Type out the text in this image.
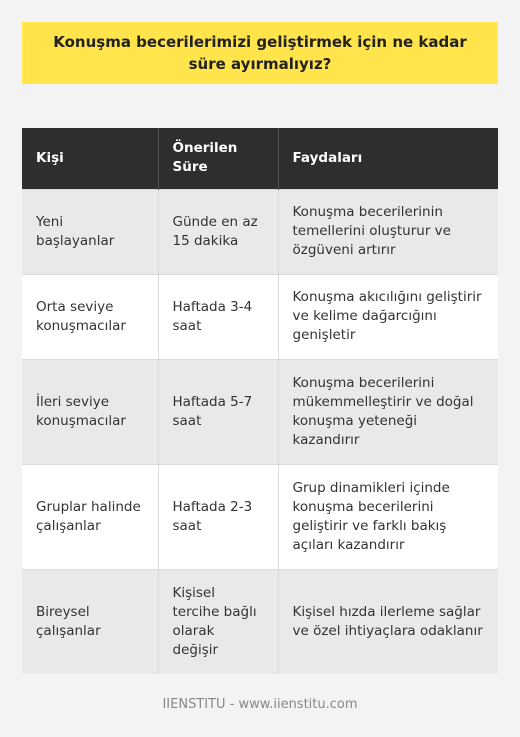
Konuşma becerilerimizi geliştirmek için ne kadar süre ayırmalıyız?
Kişi	Önerilen Süre	Faydaları
Yeni başlayanlar	Günde en az 15 dakika	Konuşma becerilerinin temellerini oluşturur ve özgüveni artırır
Orta seviye konuşmacılar	Haftada 3-4 saat	Konuşma akıcılığını geliştirir ve kelime dağarcığını genişletir
İleri seviye konuşmacılar	Haftada 5-7 saat	Konuşma becerilerini mükemmelleştirir ve doğal konuşma yeteneği kazandırır
Gruplar halinde çalışanlar	Haftada 2-3 saat	Grup dinamikleri içinde konuşma becerilerini geliştirir ve farklı bakış açıları kazandırır
Bireysel çalışanlar	Kişisel tercihe bağlı olarak değişir	Kişisel hızda ilerleme sağlar ve özel ihtiyaçlara odaklanır
IIENSTITU - www.iienstitu.com
